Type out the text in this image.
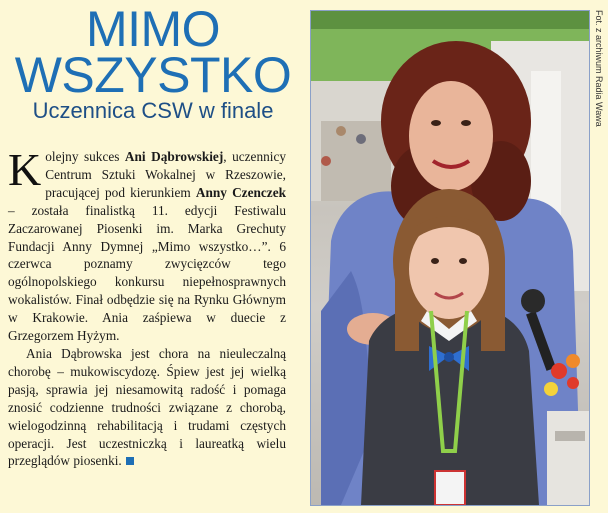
MIMO
WSZYSTKO
Uczennica CSW w finale

Kolejny sukces Ani Dąbrowskiej, uczennicy Centrum Sztuki Wokalnej w Rzeszowie, pracującej pod kierunkiem Anny Czenczek – została finalistką 11. edycji Festiwalu Zaczarowanej Piosenki im. Marka Grechuty Fundacji Anny Dymnej „Mimo wszystko…”. 6 czerwca poznamy zwycięzców tego ogólnopolskiego konkursu niepełnosprawnych wokalistów. Finał odbędzie się na Rynku Głównym w Krakowie. Ania zaśpiewa w duecie z Grzegorzem Hyżym.

Ania Dąbrowska jest chora na nieuleczalną chorobę – mukowiscydozę. Śpiew jest jej wielką pasją, sprawia jej niesamowitą radość i pomaga znosić codzienne trudności związane z chorobą, wielogodzinną rehabilitacją i trudami częstych operacji. Jest uczestniczką i laureatką wielu przeglądów piosenki.

Fot. z archiwum Radia Wawa
